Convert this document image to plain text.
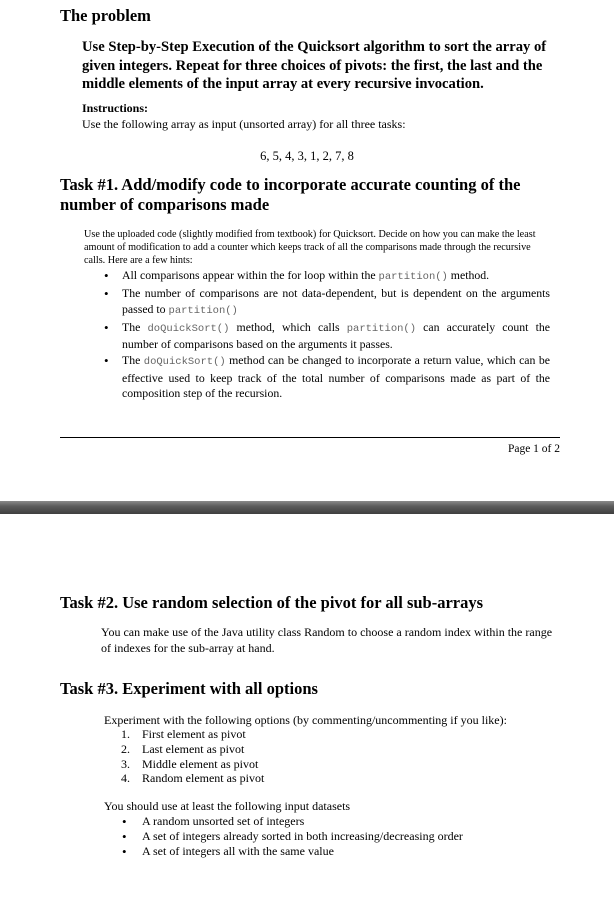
The problem

Use Step-by-Step Execution of the Quicksort algorithm to sort the array of given integers. Repeat for three choices of pivots: the first, the last and the middle elements of the input array at every recursive invocation.

Instructions:

Use the following array as input (unsorted array) for all three tasks:

6, 5, 4, 3, 1, 2, 7, 8

Task #1. Add/modify code to incorporate accurate counting of the number of comparisons made

Use the uploaded code (slightly modified from textbook) for Quicksort. Decide on how you can make the least amount of modification to add a counter which keeps track of all the comparisons made through the recursive calls. Here are a few hints:

• All comparisons appear within the for loop within the partition() method.
• The number of comparisons are not data-dependent, but is dependent on the arguments passed to partition()
• The doQuickSort() method, which calls partition() can accurately count the number of comparisons based on the arguments it passes.
• The doQuickSort() method can be changed to incorporate a return value, which can be effective used to keep track of the total number of comparisons made as part of the composition step of the recursion.

Page 1 of 2

Task #2. Use random selection of the pivot for all sub-arrays

You can make use of the Java utility class Random to choose a random index within the range of indexes for the sub-array at hand.

Task #3. Experiment with all options

Experiment with the following options (by commenting/uncommenting if you like):

1. First element as pivot
2. Last element as pivot
3. Middle element as pivot
4. Random element as pivot

You should use at least the following input datasets

• A random unsorted set of integers
• A set of integers already sorted in both increasing/decreasing order
• A set of integers all with the same value
